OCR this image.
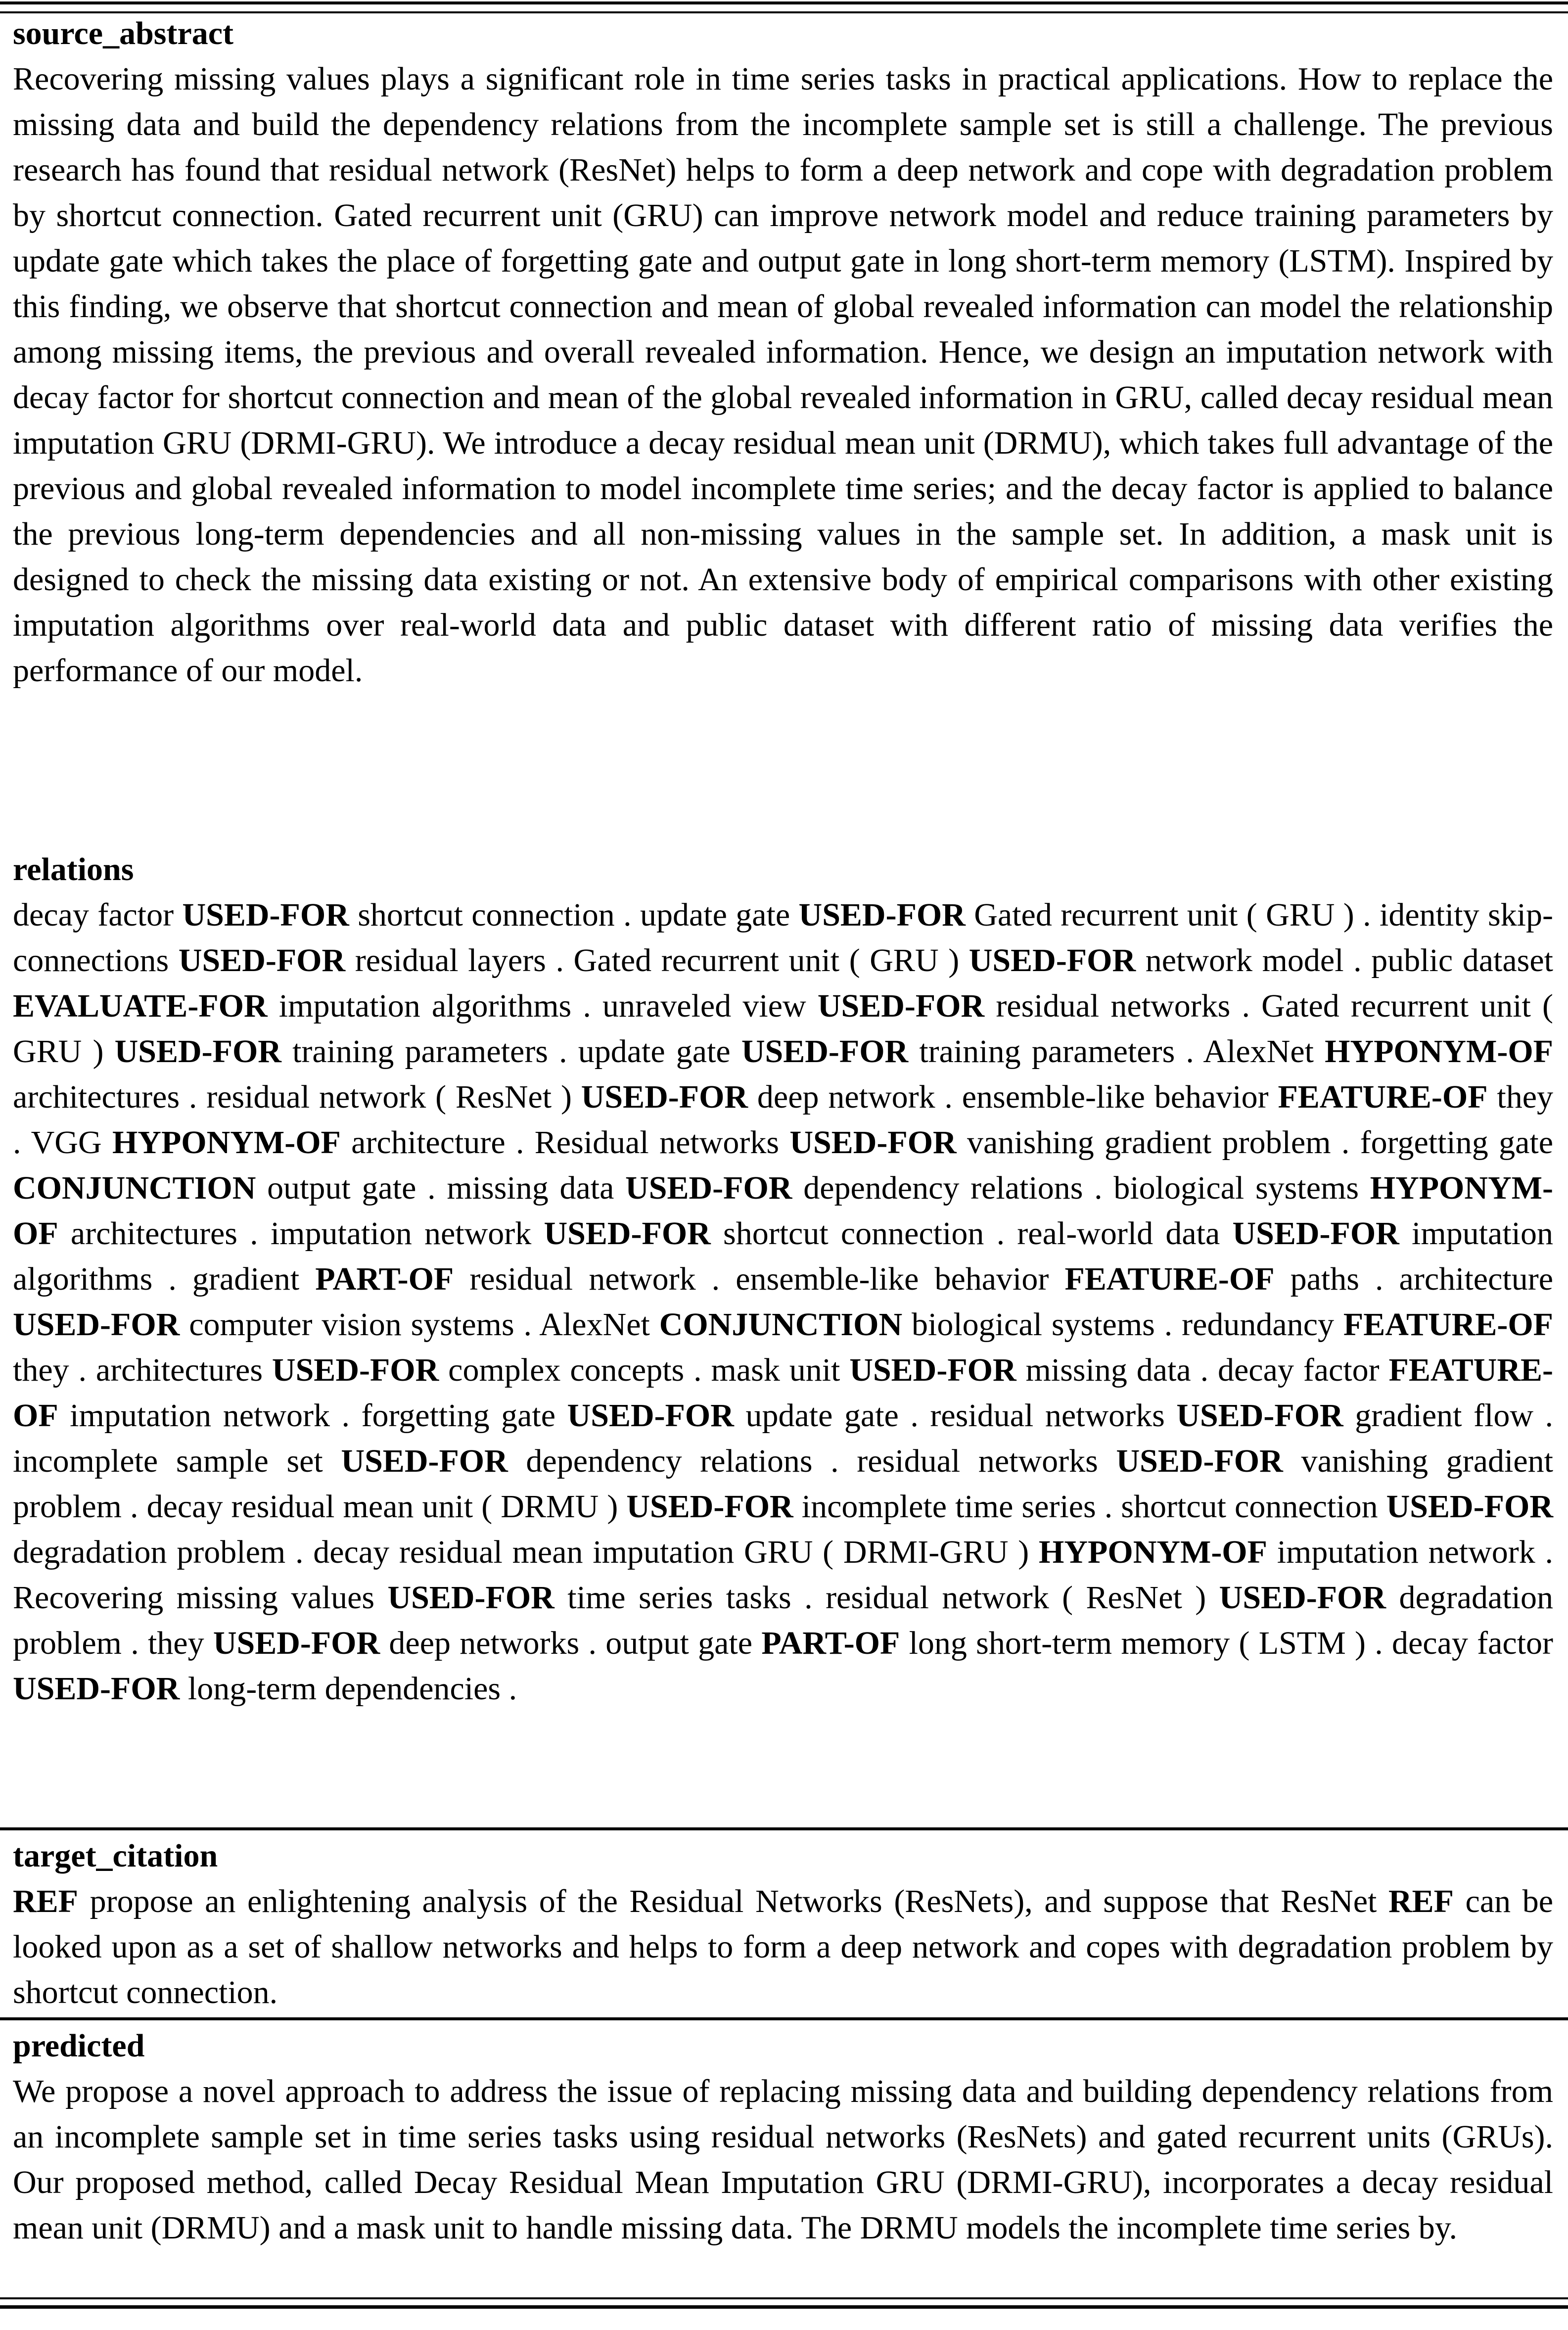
source_abstract

Recovering missing values plays a significant role in time series tasks in practical applications. How to replace the missing data and build the dependency relations from the incomplete sample set is still a challenge. The previous research has found that residual network (ResNet) helps to form a deep network and cope with degradation problem by shortcut connection. Gated recurrent unit (GRU) can improve network model and reduce training parameters by update gate which takes the place of forgetting gate and output gate in long short-term memory (LSTM). Inspired by this finding, we observe that shortcut connection and mean of global revealed information can model the relationship among missing items, the previous and overall revealed information. Hence, we design an imputation network with decay factor for shortcut connection and mean of the global revealed information in GRU, called decay residual mean imputation GRU (DRMI-GRU). We introduce a decay residual mean unit (DRMU), which takes full advantage of the previous and global revealed information to model incomplete time series; and the decay factor is applied to balance the previous long-term dependencies and all non-missing values in the sample set. In addition, a mask unit is designed to check the missing data existing or not. An extensive body of empirical comparisons with other existing imputation algorithms over real-world data and public dataset with different ratio of missing data verifies the performance of our model.

relations

decay factor USED-FOR shortcut connection . update gate USED-FOR Gated recurrent unit ( GRU ) . identity skip-connections USED-FOR residual layers . Gated recurrent unit ( GRU ) USED-FOR network model . public dataset EVALUATE-FOR imputation algorithms . unraveled view USED-FOR residual networks . Gated recurrent unit ( GRU ) USED-FOR training parameters . update gate USED-FOR training parameters . AlexNet HYPONYM-OF architectures . residual network ( ResNet ) USED-FOR deep network . ensemble-like behavior FEATURE-OF they . VGG HYPONYM-OF architecture . Residual networks USED-FOR vanishing gradient problem . forgetting gate CONJUNCTION output gate . missing data USED-FOR dependency relations . biological systems HYPONYM-OF architectures . imputation network USED-FOR shortcut connection . real-world data USED-FOR imputation algorithms . gradient PART-OF residual network . ensemble-like behavior FEATURE-OF paths . architecture USED-FOR computer vision systems . AlexNet CONJUNCTION biological systems . redundancy FEATURE-OF they . architectures USED-FOR complex concepts . mask unit USED-FOR missing data . decay factor FEATURE-OF imputation network . forgetting gate USED-FOR update gate . residual networks USED-FOR gradient flow . incomplete sample set USED-FOR dependency relations . residual networks USED-FOR vanishing gradient problem . decay residual mean unit ( DRMU ) USED-FOR incomplete time series . shortcut connection USED-FOR degradation problem . decay residual mean imputation GRU ( DRMI-GRU ) HYPONYM-OF imputation network . Recovering missing values USED-FOR time series tasks . residual network ( ResNet ) USED-FOR degradation problem . they USED-FOR deep networks . output gate PART-OF long short-term memory ( LSTM ) . decay factor USED-FOR long-term dependencies .

target_citation

REF propose an enlightening analysis of the Residual Networks (ResNets), and suppose that ResNet REF can be looked upon as a set of shallow networks and helps to form a deep network and copes with degradation problem by shortcut connection.

predicted

We propose a novel approach to address the issue of replacing missing data and building dependency relations from an incomplete sample set in time series tasks using residual networks (ResNets) and gated recurrent units (GRUs). Our proposed method, called Decay Residual Mean Imputation GRU (DRMI-GRU), incorporates a decay residual mean unit (DRMU) and a mask unit to handle missing data. The DRMU models the incomplete time series by.
